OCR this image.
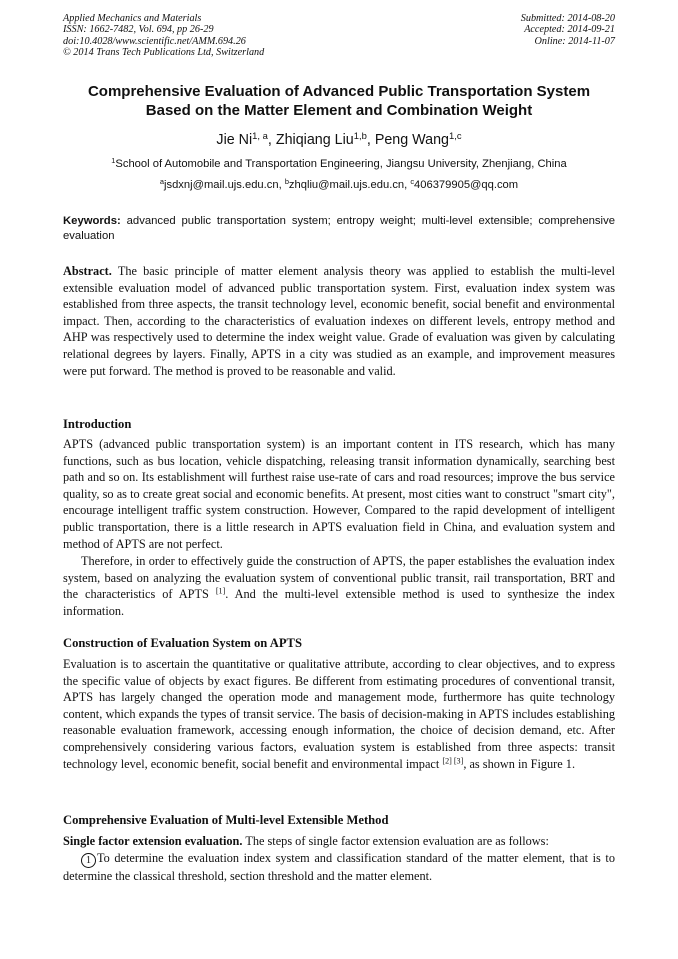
Applied Mechanics and Materials
ISSN: 1662-7482, Vol. 694, pp 26-29
doi:10.4028/www.scientific.net/AMM.694.26
© 2014 Trans Tech Publications Ltd, Switzerland
Submitted: 2014-08-20
Accepted: 2014-09-21
Online: 2014-11-07
Comprehensive Evaluation of Advanced Public Transportation System
Based on the Matter Element and Combination Weight
Jie Ni$^{1, a}$, Zhiqiang Liu$^{1,b}$, Peng Wang$^{1,c}$
$^1$School of Automobile and Transportation Engineering, Jiangsu University, Zhenjiang, China
$^a$jsdxnj@mail.ujs.edu.cn, $^b$zhqliu@mail.ujs.edu.cn, $^c$406379905@qq.com
Keywords: advanced public transportation system; entropy weight; multi-level extensible; comprehensive evaluation
Abstract. The basic principle of matter element analysis theory was applied to establish the multi-level extensible evaluation model of advanced public transportation system. First, evaluation index system was established from three aspects, the transit technology level, economic benefit, social benefit and environmental impact. Then, according to the characteristics of evaluation indexes on different levels, entropy method and AHP was respectively used to determine the index weight value. Grade of evaluation was given by calculating relational degrees by layers. Finally, APTS in a city was studied as an example, and improvement measures were put forward. The method is proved to be reasonable and valid.
Introduction
APTS (advanced public transportation system) is an important content in ITS research, which has many functions, such as bus location, vehicle dispatching, releasing transit information dynamically, searching best path and so on. Its establishment will furthest raise use-rate of cars and road resources; improve the bus service quality, so as to create great social and economic benefits. At present, most cities want to construct "smart city", encourage intelligent traffic system construction. However, Compared to the rapid development of intelligent public transportation, there is a little research in APTS evaluation field in China, and evaluation system and method of APTS are not perfect.
Therefore, in order to effectively guide the construction of APTS, the paper establishes the evaluation index system, based on analyzing the evaluation system of conventional public transit, rail transportation, BRT and the characteristics of APTS [1]. And the multi-level extensible method is used to synthesize the index information.
Construction of Evaluation System on APTS
Evaluation is to ascertain the quantitative or qualitative attribute, according to clear objectives, and to express the specific value of objects by exact figures. Be different from estimating procedures of conventional transit, APTS has largely changed the operation mode and management mode, furthermore has quite technology content, which expands the types of transit service. The basis of decision-making in APTS includes establishing reasonable evaluation framework, accessing enough information, the choice of decision demand, etc. After comprehensively considering various factors, evaluation system is established from three aspects: transit technology level, economic benefit, social benefit and environmental impact [2] [3], as shown in Figure 1.
Comprehensive Evaluation of Multi-level Extensible Method
Single factor extension evaluation. The steps of single factor extension evaluation are as follows:
1 To determine the evaluation index system and classification standard of the matter element, that is to determine the classical threshold, section threshold and the matter element.
